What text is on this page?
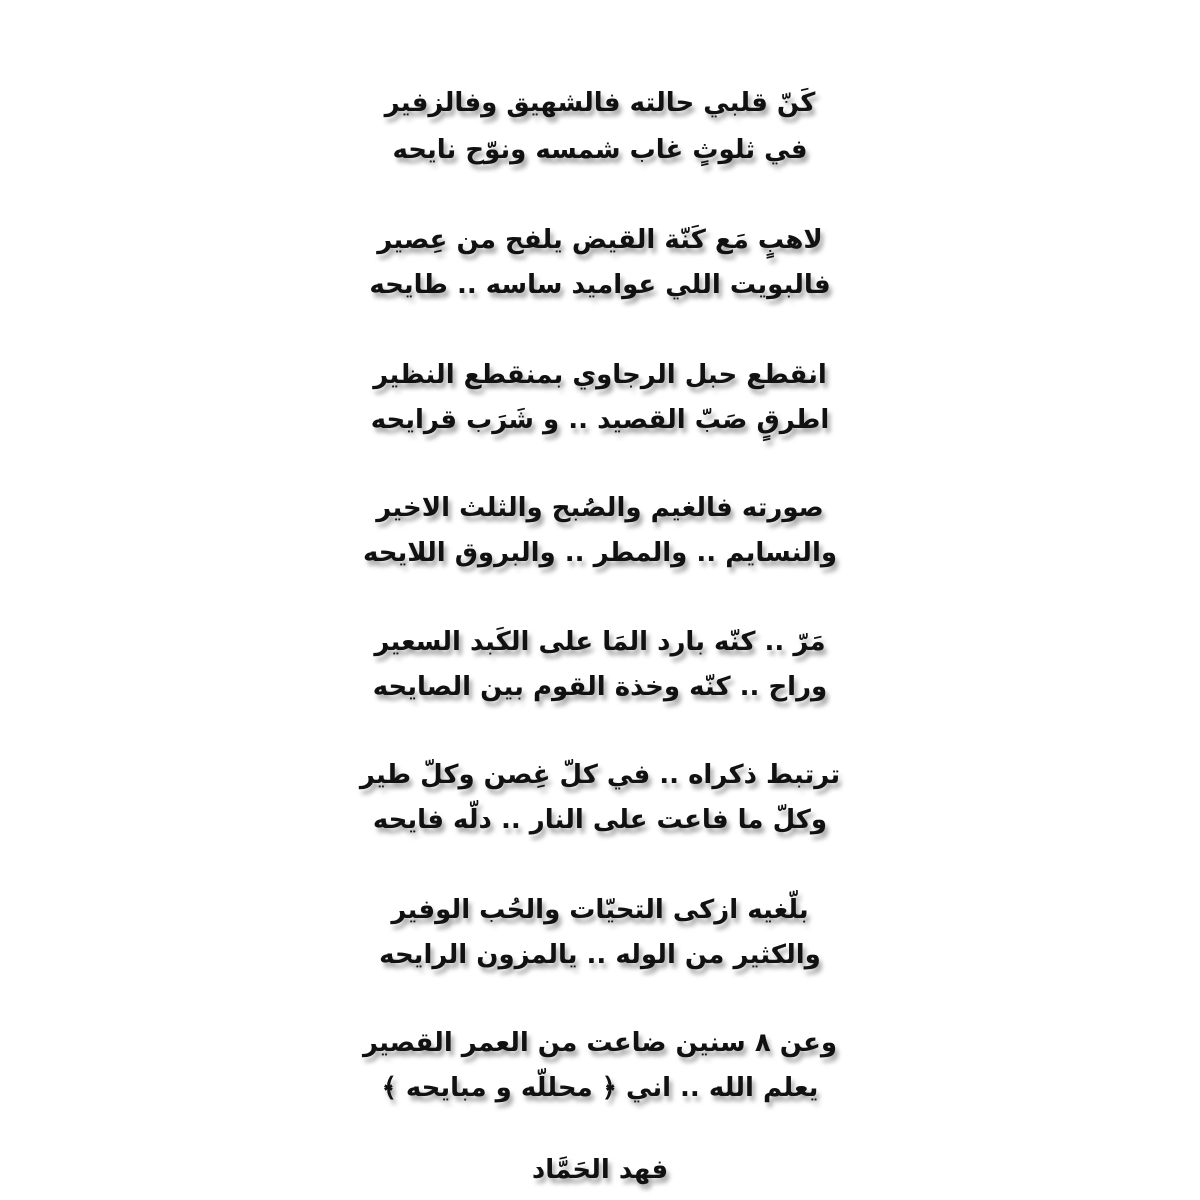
كَنّ قلبي حالته فالشهيق وفالزفير
في ثلوثٍ غاب شمسه ونوّح نايحه
لاهبٍ مَع كَنّة القيض يلفح من عِصير
فالبويت اللي عواميد ساسه .. طايحه
انقطع حبل الرجاوي بمنقطع النظير
اطرقٍ صَبّ القصيد .. و شَرَب قرايحه
صورته فالغيم والصُبح والثلث الاخير
والنسايم .. والمطر .. والبروق اللايحه
مَرّ .. كنّه بارد المَا على الكَبد السعير
وراح .. كنّه وخذة القوم بين الصايحه
ترتبط ذكراه .. في كلّ غِصن وكلّ طير
وكلّ ما فاعت على النار .. دلّه فايحه
بلّغيه ازكى التحيّات والحُب الوفير
والكثير من الوله .. يالمزون الرايحه
وعن ٨ سنين ضاعت من العمر القصير
يعلم الله .. اني ﴿ محللّه و مبايحه ﴾
فهد الحَمَّاد
